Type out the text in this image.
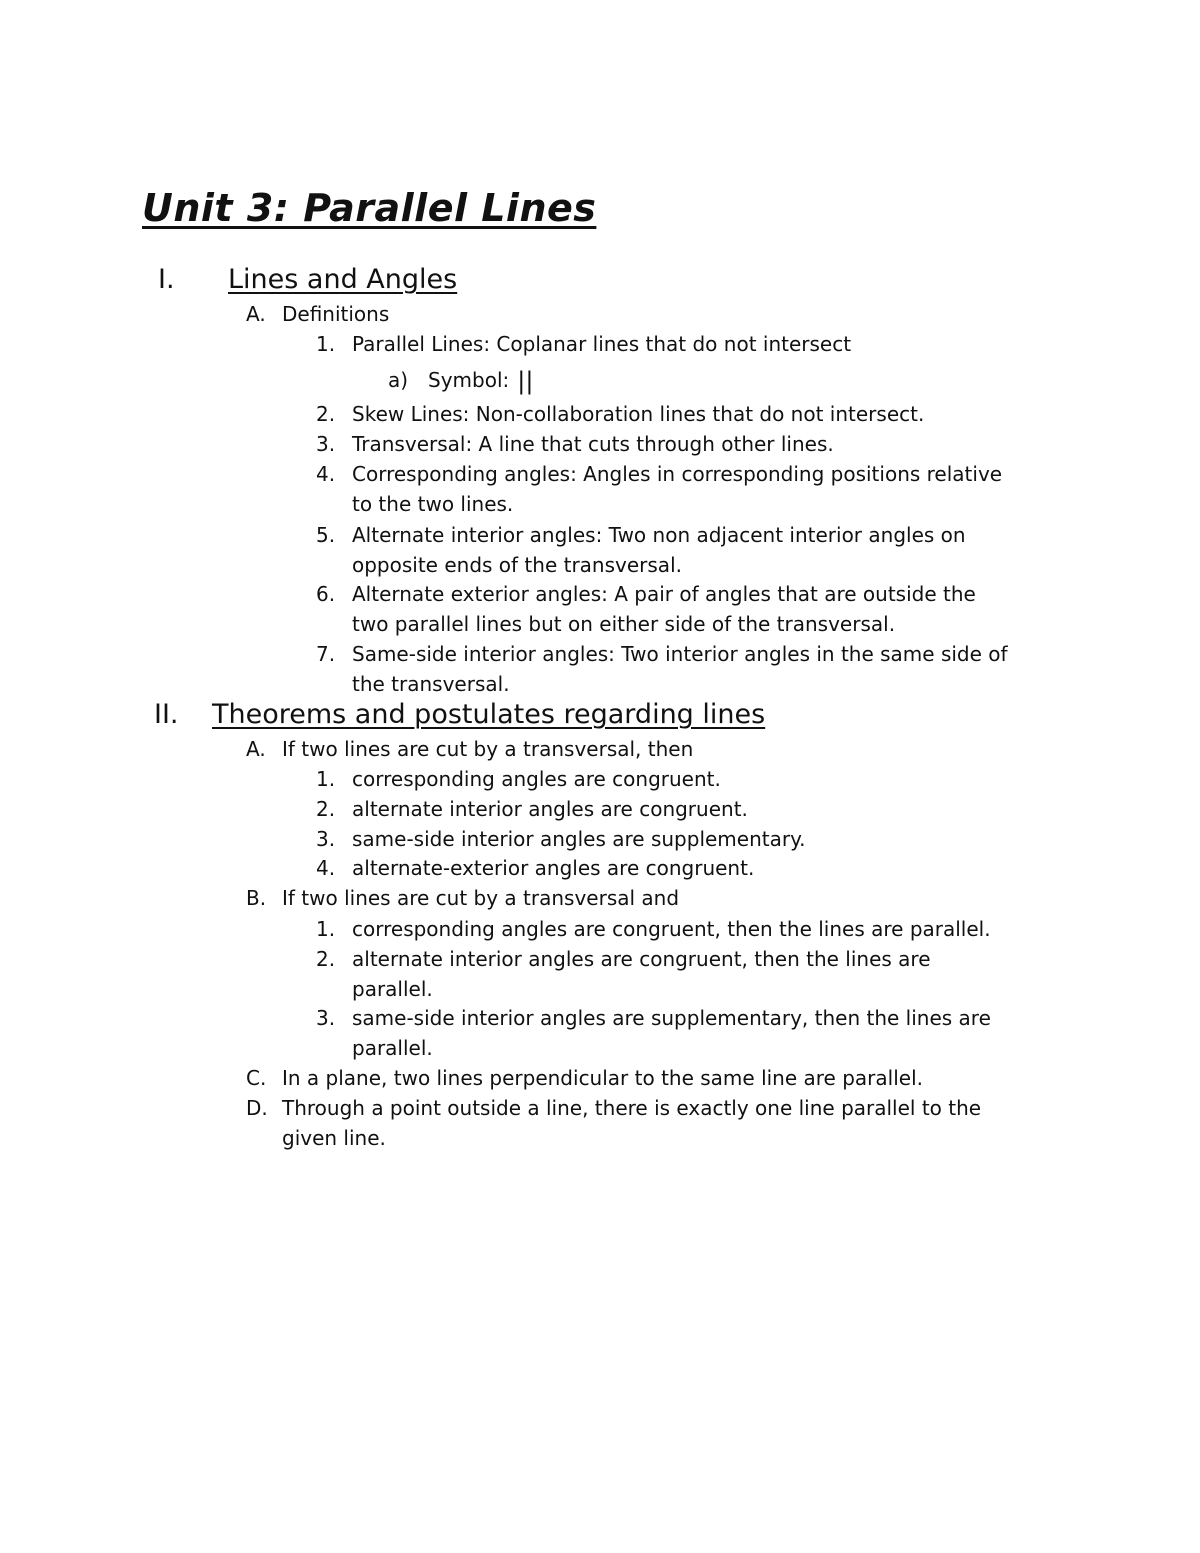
Unit 3: Parallel Lines
I. Lines and Angles
A. Definitions
1. Parallel Lines: Coplanar lines that do not intersect
a) Symbol: ||
2. Skew Lines: Non-collaboration lines that do not intersect.
3. Transversal: A line that cuts through other lines.
4. Corresponding angles: Angles in corresponding positions relative
to the two lines.
5. Alternate interior angles: Two non adjacent interior angles on
opposite ends of the transversal.
6. Alternate exterior angles: A pair of angles that are outside the
two parallel lines but on either side of the transversal.
7. Same-side interior angles: Two interior angles in the same side of
the transversal.
II. Theorems and postulates regarding lines
A. If two lines are cut by a transversal, then
1. corresponding angles are congruent.
2. alternate interior angles are congruent.
3. same-side interior angles are supplementary.
4. alternate-exterior angles are congruent.
B. If two lines are cut by a transversal and
1. corresponding angles are congruent, then the lines are parallel.
2. alternate interior angles are congruent, then the lines are
parallel.
3. same-side interior angles are supplementary, then the lines are
parallel.
C. In a plane, two lines perpendicular to the same line are parallel.
D. Through a point outside a line, there is exactly one line parallel to the
given line.
